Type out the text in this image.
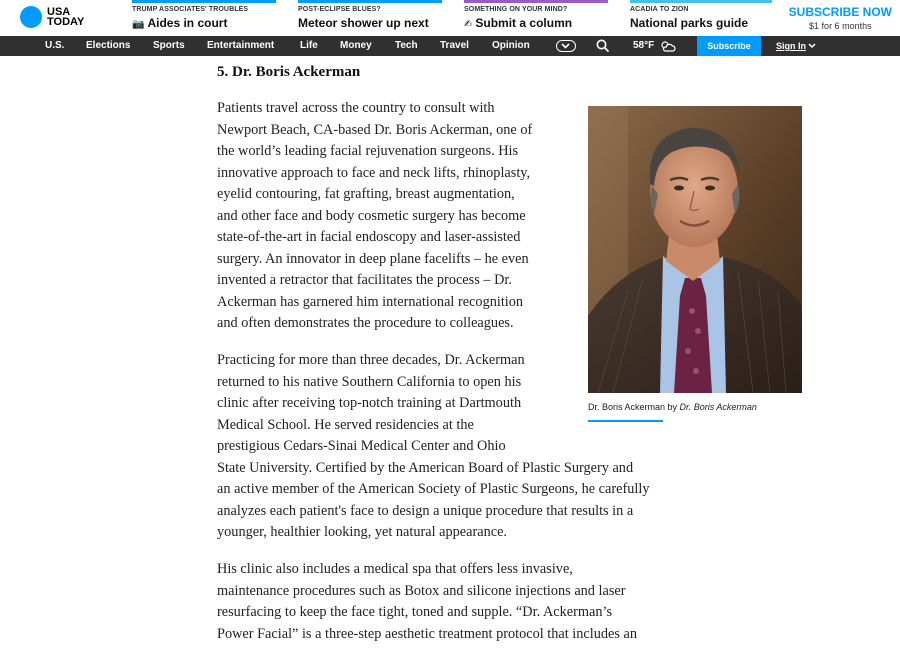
USA
TODAY
TRUMP ASSOCIATES' TROUBLES
📷 Aides in court
POST-ECLIPSE BLUES?
Meteor shower up next
SOMETHING ON YOUR MIND?
✍ Submit a column
ACADIA TO ZION
National parks guide
SUBSCRIBE NOW
$1 for 6 months
U.S. Elections Sports Entertainment	Life Money Tech Travel Opinion	58°F	Subscribe	Sign In
5. Dr. Boris Ackerman

Patients travel across the country to consult with
Newport Beach, CA-based Dr. Boris Ackerman, one of
the world’s leading facial rejuvenation surgeons. His
innovative approach to face and neck lifts, rhinoplasty,
eyelid contouring, fat grafting, breast augmentation,
and other face and body cosmetic surgery has become
state-of-the-art in facial endoscopy and laser-assisted
surgery. An innovator in deep plane facelifts – he even
invented a retractor that facilitates the process – Dr.
Ackerman has garnered him international recognition
and often demonstrates the procedure to colleagues.

Practicing for more than three decades, Dr. Ackerman
returned to his native Southern California to open his
clinic after receiving top-notch training at Dartmouth
Medical School. He served residencies at the
prestigious Cedars-Sinai Medical Center and Ohio
State University. Certified by the American Board of Plastic Surgery and
an active member of the American Society of Plastic Surgeons, he carefully
analyzes each patient's face to design a unique procedure that results in a
younger, healthier looking, yet natural appearance.

His clinic also includes a medical spa that offers less invasive,
maintenance procedures such as Botox and silicone injections and laser
resurfacing to keep the face tight, toned and supple. “Dr. Ackerman’s
Power Facial” is a three-step aesthetic treatment protocol that includes an

Dr. Boris Ackerman by Dr. Boris Ackerman
